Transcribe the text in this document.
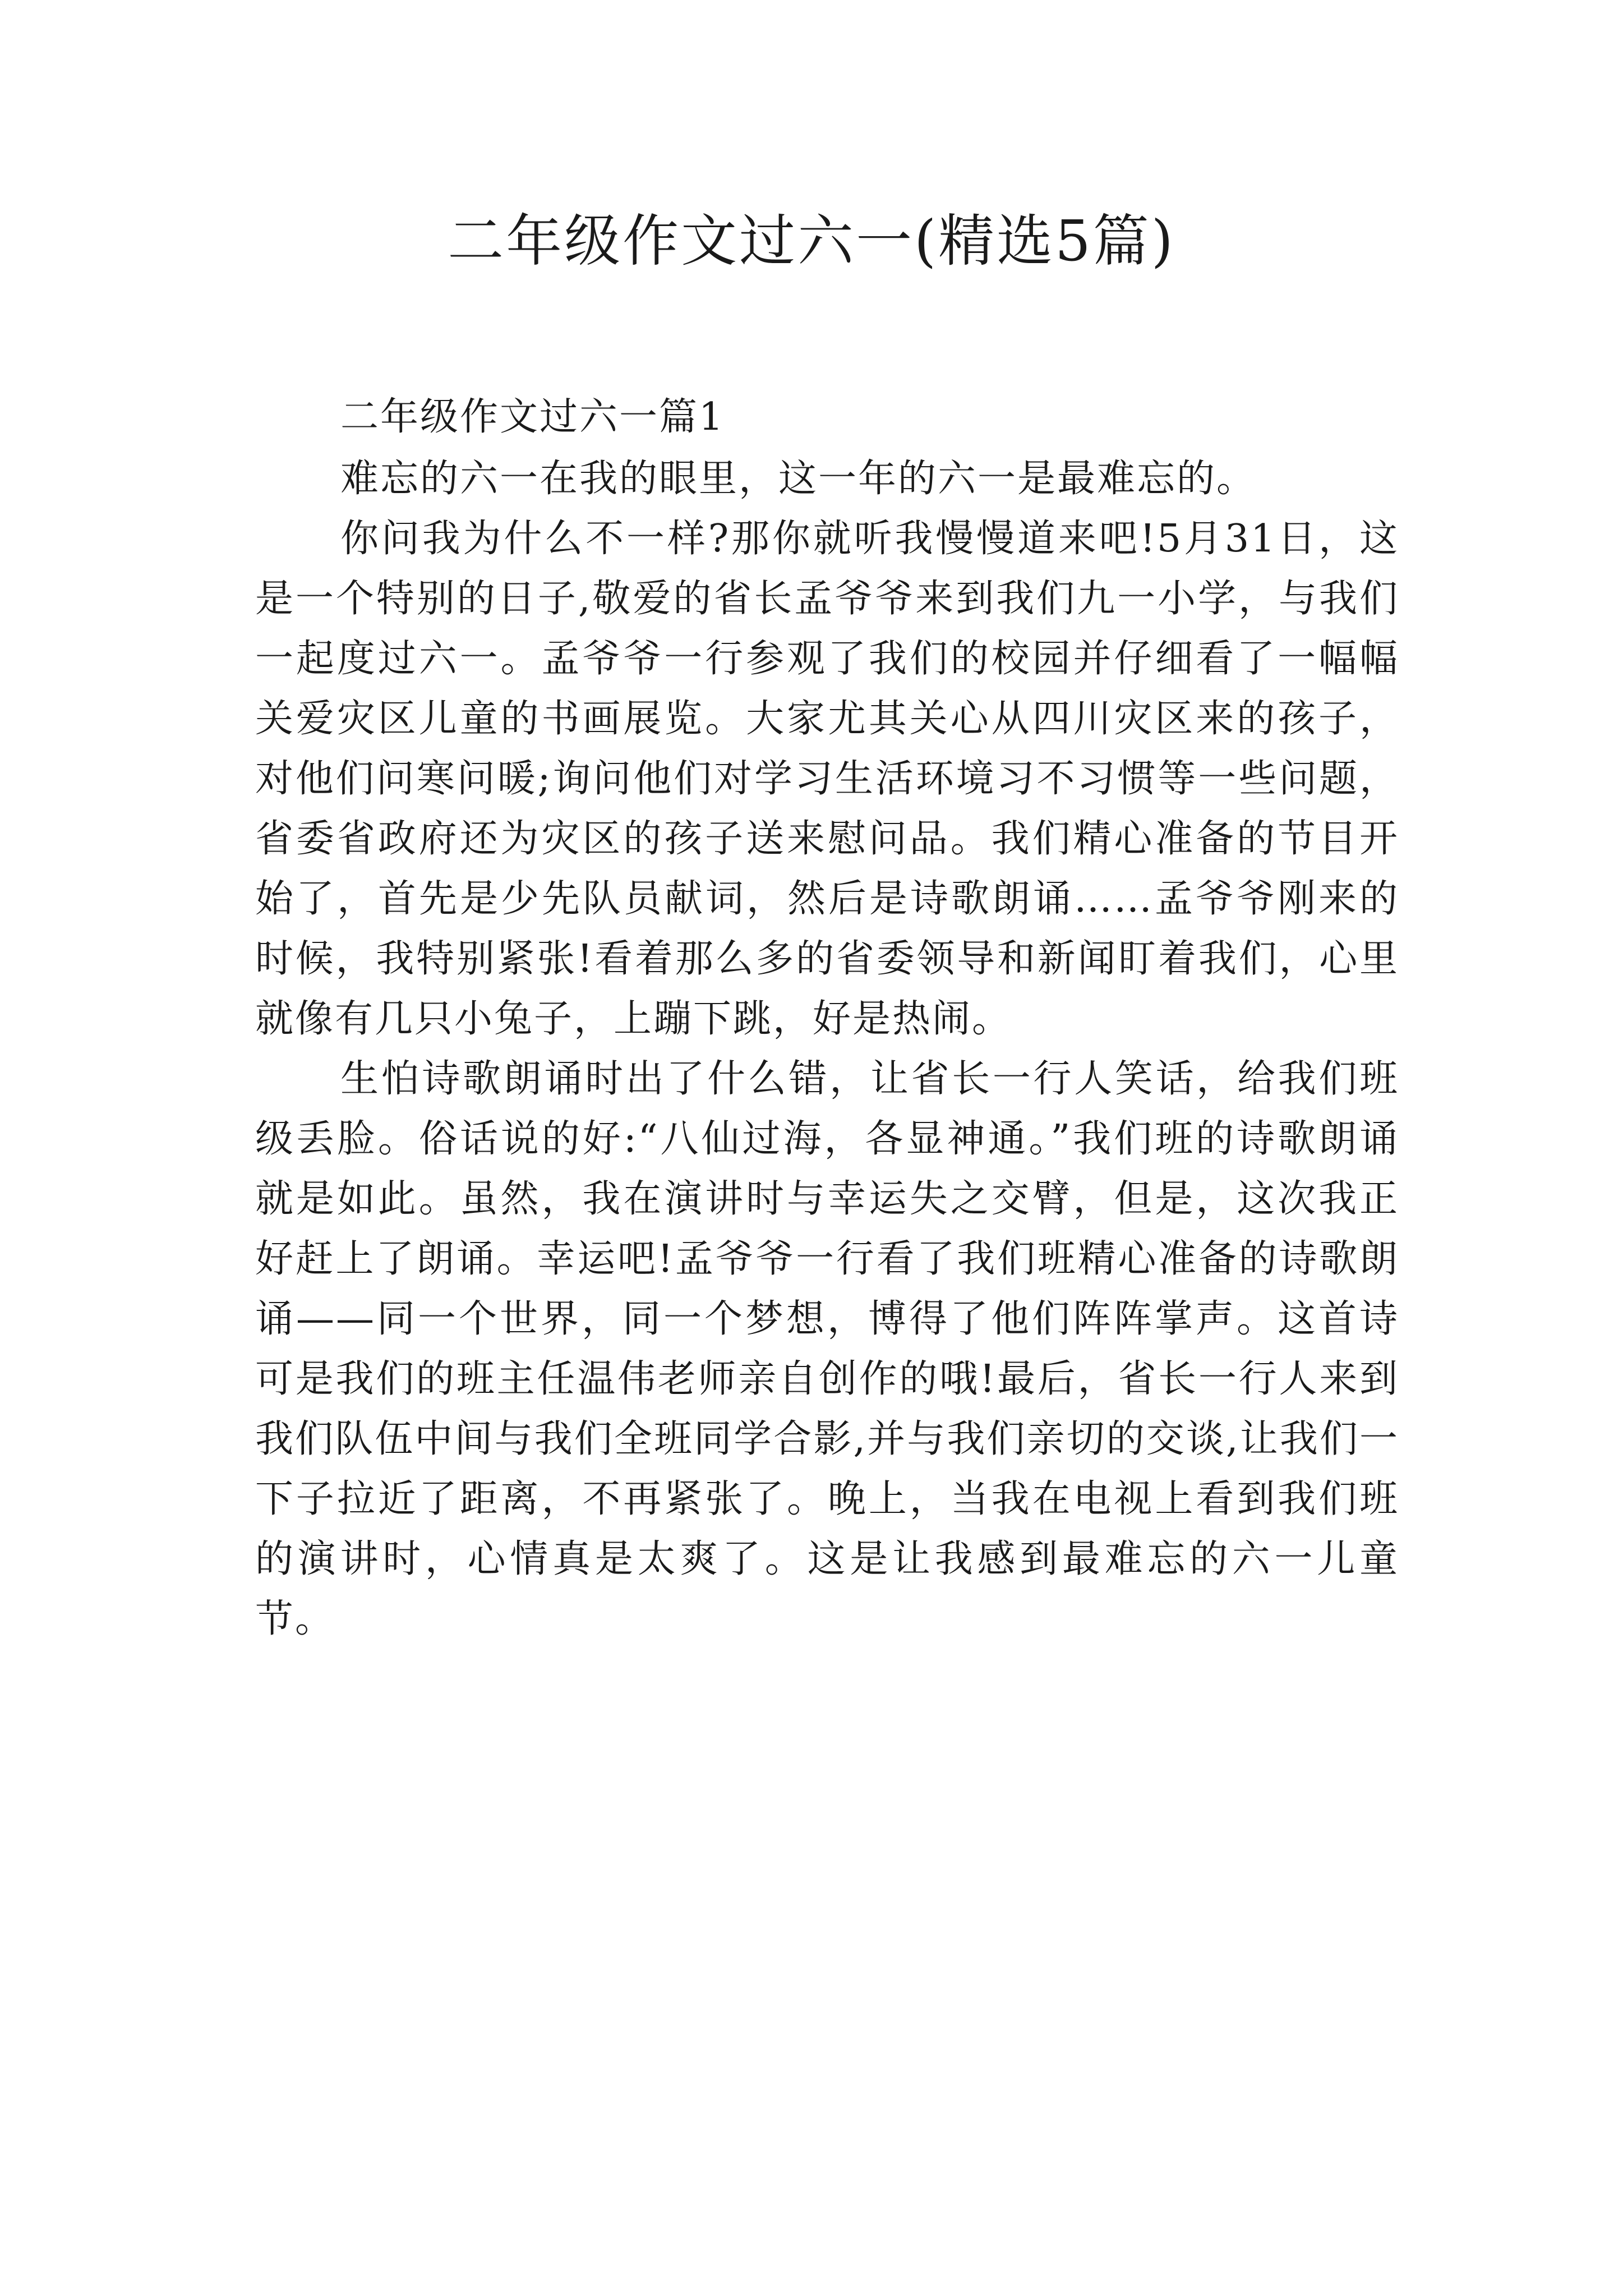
二年级作文过六一(精选5篇)

二年级作文过六一篇1

难忘的六一在我的眼里，这一年的六一是最难忘的。

你问我为什么不一样?那你就听我慢慢道来吧!5月31日，这是一个特别的日子,敬爱的省长孟爷爷来到我们九一小学，与我们一起度过六一。孟爷爷一行参观了我们的校园并仔细看了一幅幅关爱灾区儿童的书画展览。大家尤其关心从四川灾区来的孩子，对他们问寒问暖;询问他们对学习生活环境习不习惯等一些问题，省委省政府还为灾区的孩子送来慰问品。我们精心准备的节目开始了，首先是少先队员献词，然后是诗歌朗诵……孟爷爷刚来的时候，我特别紧张!看着那么多的省委领导和新闻盯着我们，心里就像有几只小兔子，上蹦下跳，好是热闹。

生怕诗歌朗诵时出了什么错，让省长一行人笑话，给我们班级丢脸。俗话说的好:“八仙过海，各显神通。”我们班的诗歌朗诵就是如此。虽然，我在演讲时与幸运失之交臂，但是，这次我正好赶上了朗诵。幸运吧!孟爷爷一行看了我们班精心准备的诗歌朗诵——同一个世界，同一个梦想，博得了他们阵阵掌声。这首诗可是我们的班主任温伟老师亲自创作的哦!最后，省长一行人来到我们队伍中间与我们全班同学合影,并与我们亲切的交谈,让我们一下子拉近了距离，不再紧张了。晚上，当我在电视上看到我们班的演讲时，心情真是太爽了。这是让我感到最难忘的六一儿童节。
